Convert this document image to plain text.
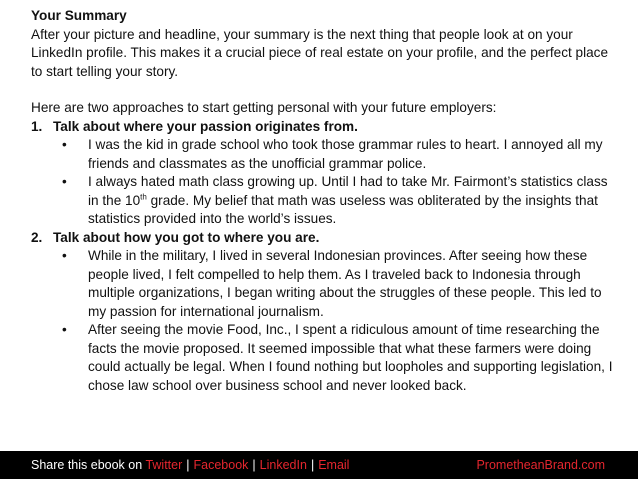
Your Summary

After your picture and headline, your summary is the next thing that people look at on your LinkedIn profile. This makes it a crucial piece of real estate on your profile, and the perfect place to start telling your story.

Here are two approaches to start getting personal with your future employers:

1. Talk about where your passion originates from.
•	I was the kid in grade school who took those grammar rules to heart. I annoyed all my friends and classmates as the unofficial grammar police.
•	I always hated math class growing up. Until I had to take Mr. Fairmont’s statistics class in the 10th grade. My belief that math was useless was obliterated by the insights that statistics provided into the world’s issues.
2. Talk about how you got to where you are.
•	While in the military, I lived in several Indonesian provinces. After seeing how these people lived, I felt compelled to help them. As I traveled back to Indonesia through multiple organizations, I began writing about the struggles of these people. This led to my passion for international journalism.
•	After seeing the movie Food, Inc., I spent a ridiculous amount of time researching the facts the movie proposed. It seemed impossible that what these farmers were doing could actually be legal. When I found nothing but loopholes and supporting legislation, I chose law school over business school and never looked back.
Share this ebook on Twitter | Facebook | LinkedIn | Email	PrometheanBrand.com
